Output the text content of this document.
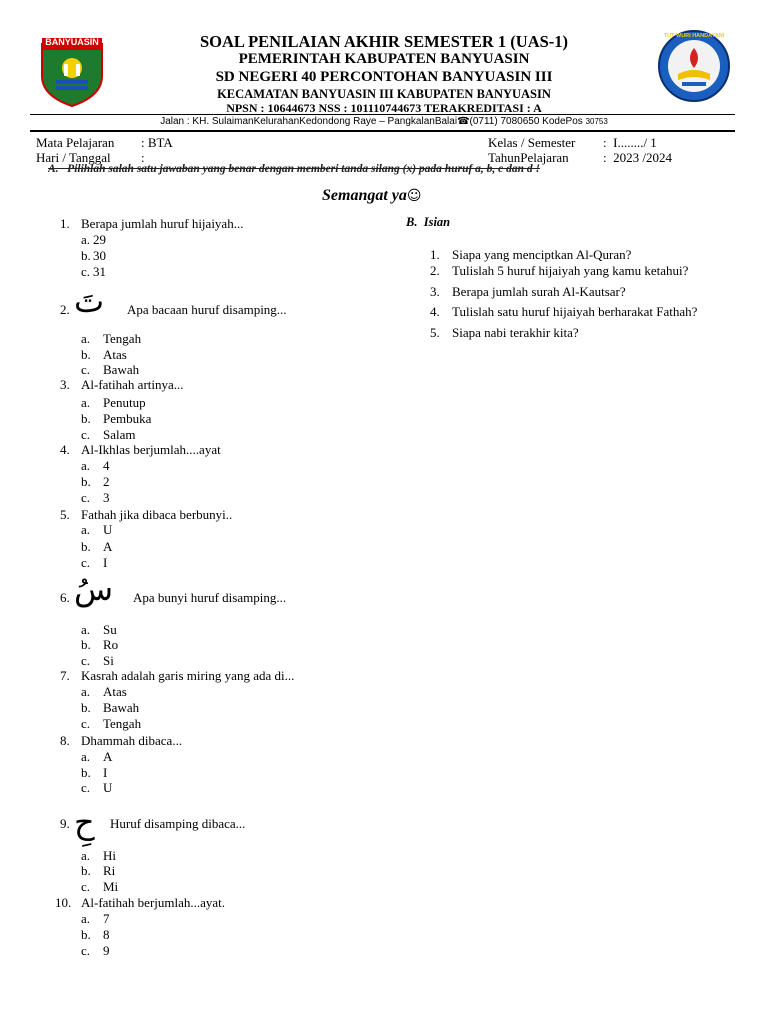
BANYUASIN
TUT WURI HANDAYANI
SOAL PENILAIAN AKHIR SEMESTER 1 (UAS-1)
PEMERINTAH KABUPATEN BANYUASIN
SD NEGERI 40 PERCONTOHAN BANYUASIN III
KECAMATAN BANYUASIN III KABUPATEN BANYUASIN
NPSN : 10644673 NSS : 101110744673 TERAKREDITASI : A
Jalan : KH. SulaimanKelurahanKedondong Raye – PangkalanBalai☎(0711) 7080650 KodePos 30753
Mata Pelajaran : BTA
Hari / Tanggal :
Kelas / Semester :  I......../ 1
TahunPelajaran	:  2023 /2024
A.   Pilihlah salah satu jawaban yang benar dengan memberi tanda silang (x) pada huruf a, b, c dan d !
Semangat ya☺
1. Berapa jumlah huruf hijaiyah...
a. 29
b. 30
c. 31
2. تَ Apa bacaan huruf disamping...
a. Tengah
b. Atas
c. Bawah
3. Al-fatihah artinya...
a. Penutup
b. Pembuka
c. Salam
4. Al-Ikhlas berjumlah....ayat
a. 4
b. 2
c. 3
5. Fathah jika dibaca berbunyi..
a. U
b. A
c. I
6. سُ Apa bunyi huruf disamping...
a. Su
b. Ro
c. Si
7. Kasrah adalah garis miring yang ada di...
a. Atas
b. Bawah
c. Tengah
8. Dhammah dibaca...
a. A
b. I
c. U
9. حِ Huruf disamping dibaca...
a. Hi
b. Ri
c. Mi
10. Al-fatihah berjumlah...ayat.
a. 7
b. 8
c. 9
B.  Isian
1. Siapa yang menciptkan Al-Quran?
2. Tulislah 5 huruf hijaiyah yang kamu ketahui?
3. Berapa jumlah surah Al-Kautsar?
4. Tulislah satu huruf hijaiyah berharakat Fathah?
5. Siapa nabi terakhir kita?
